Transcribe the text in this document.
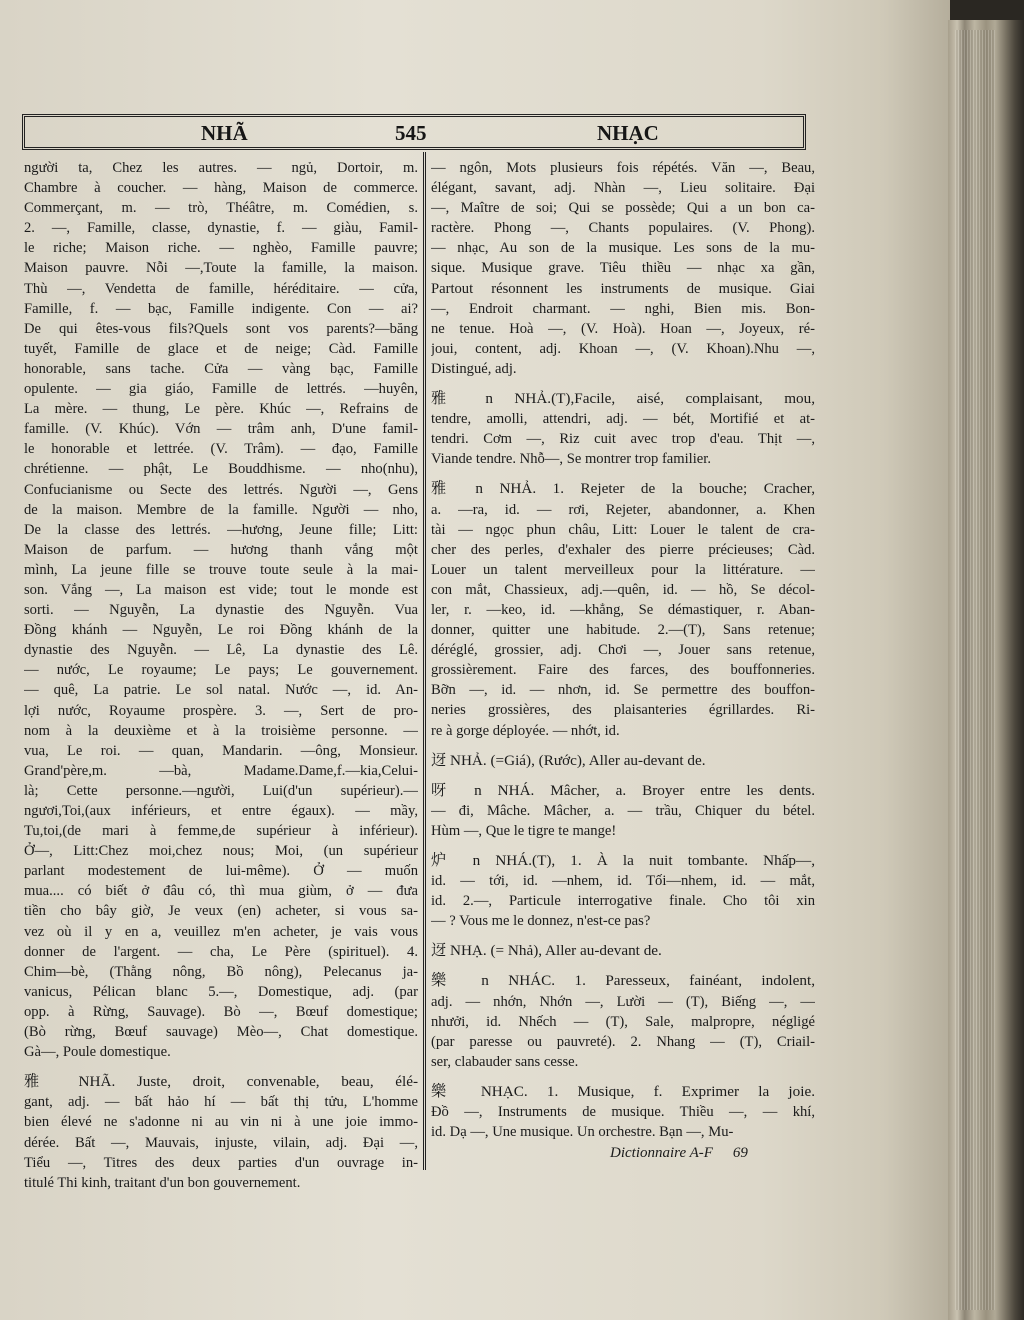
NHÃ	545	NHẠC
người ta, Chez les autres. — ngủ, Dortoir, m.
Chambre à coucher. — hàng, Maison de commerce.
Commerçant, m. — trò, Théâtre, m. Comédien, s.
2. —, Famille, classe, dynastie, f. — giàu, Famil-
le riche; Maison riche. — nghèo, Famille pauvre;
Maison pauvre. Nỗi —,Toute la famille, la maison.
Thù —, Vendetta de famille, héréditaire. — cửa,
Famille, f. — bạc, Famille indigente. Con — ai?
De qui êtes-vous fils?Quels sont vos parents?—băng
tuyết, Famille de glace et de neige; Càd. Famille
honorable, sans tache. Cửa — vàng bạc, Famille
opulente. — gia giáo, Famille de lettrés. —huyên,
La mère. — thung, Le père. Khúc —, Refrains de
famille. (V. Khúc). Vớn — trâm anh, D'une famil-
le honorable et lettrée. (V. Trâm). — đạo, Famille
chrétienne. — phật, Le Bouddhisme. — nho(nhu),
Confucianisme ou Secte des lettrés. Người —, Gens
de la maison. Membre de la famille. Người — nho,
De la classe des lettrés. —hương, Jeune fille; Litt:
Maison de parfum. — hương thanh vắng một
mình, La jeune fille se trouve toute seule à la mai-
son. Vắng —, La maison est vide; tout le monde est
sorti. — Nguyễn, La dynastie des Nguyễn. Vua
Đồng khánh — Nguyễn, Le roi Đồng khánh de la
dynastie des Nguyễn. — Lê, La dynastie des Lê.
— nước, Le royaume; Le pays; Le gouvernement.
— quê, La patrie. Le sol natal. Nước —, id. An-
lợi nước, Royaume prospère. 3. —, Sert de pro-
nom à la deuxième et à la troisième personne. —
vua, Le roi. — quan, Mandarin. —ông, Monsieur.
Grand'père,m. —bà, Madame.Dame,f.—kia,Celui-
là; Cette personne.—người, Lui(d'un supérieur).—
ngươi,Toi,(aux inférieurs, et entre égaux). — mầy,
Tu,toi,(de mari à femme,de supérieur à inférieur).
Ở—, Litt:Chez moi,chez nous; Moi, (un supérieur
parlant modestement de lui-même). Ở — muốn
mua.... có biết ở đâu có, thì mua giùm, ở — đưa
tiền cho bây giờ, Je veux (en) acheter, si vous sa-
vez où il y en a, veuillez m'en acheter, je vais vous
donner de l'argent. — cha, Le Père (spirituel). 4.
Chim—bè, (Thằng nông, Bồ nông), Pelecanus ja-
vanicus, Pélican blanc 5.—, Domestique, adj. (par
opp. à Rừng, Sauvage). Bò —, Bœuf domestique;
(Bò rừng, Bœuf sauvage) Mèo—, Chat domestique.
Gà—, Poule domestique.
雅 NHÃ. Juste, droit, convenable, beau, élé-
gant, adj. — bất hảo hí — bất thị tửu, L'homme
bien élevé ne s'adonne ni au vin ni à une joie immo-
dérée. Bất —, Mauvais, injuste, vilain, adj. Đại —,
Tiểu —, Titres des deux parties d'un ouvrage in-
titulé Thi kinh, traitant d'un bon gouvernement.
— ngôn, Mots plusieurs fois répétés. Văn —, Beau,
élégant, savant, adj. Nhàn —, Lieu solitaire. Đại
—, Maître de soi; Qui se possède; Qui a un bon ca-
ractère. Phong —, Chants populaires. (V. Phong).
— nhạc, Au son de la musique. Les sons de la mu-
sique. Musique grave. Tiêu thiều — nhạc xa gần,
Partout résonnent les instruments de musique. Giai
—, Endroit charmant. — nghi, Bien mis. Bon-
ne tenue. Hoà —, (V. Hoà). Hoan —, Joyeux, ré-
joui, content, adj. Khoan —, (V. Khoan).Nhu —,
Distingué, adj.
雅 n NHẢ.(T),Facile, aisé, complaisant, mou,
tendre, amolli, attendri, adj. — bét, Mortifié et at-
tendri. Cơm —, Riz cuit avec trop d'eau. Thịt —,
Viande tendre. Nhỗ—, Se montrer trop familier.
雅 n NHẢ. 1. Rejeter de la bouche; Cracher,
a. —ra, id. — rơi, Rejeter, abandonner, a. Khen
tài — ngọc phun châu, Litt: Louer le talent de cra-
cher des perles, d'exhaler des pierre précieuses; Càd.
Louer un talent merveilleux pour la littérature. —
con mắt, Chassieux, adj.—quên, id. — hồ, Se décol-
ler, r. —keo, id. —khẳng, Se démastiquer, r. Aban-
donner, quitter une habitude. 2.—(T), Sans retenue;
déréglé, grossier, adj. Chơi —, Jouer sans retenue,
grossièrement. Faire des farces, des bouffonneries.
Bỡn —, id. — nhơn, id. Se permettre des bouffon-
neries grossières, des plaisanteries égrillardes. Ri-
re à gorge déployée. — nhớt, id.
迓 NHẢ. (=Giá), (Rước), Aller au-devant de.
呀 n NHÁ. Mâcher, a. Broyer entre les dents.
— đi, Mâche. Mâcher, a. — trầu, Chiquer du bétel.
Hùm —, Que le tigre te mange!
炉 n NHÁ.(T), 1. À la nuit tombante. Nhấp—,
id. — tới, id. —nhem, id. Tối—nhem, id. — mắt,
id. 2.—, Particule interrogative finale. Cho tôi xin
— ? Vous me le donnez, n'est-ce pas?
迓 NHẠ. (= Nhả), Aller au-devant de.
樂 n NHÁC. 1. Paresseux, fainéant, indolent,
adj. — nhớn, Nhớn —, Lười — (T), Biếng —, —
nhưởi, id. Nhếch — (T), Sale, malpropre, négligé
(par paresse ou pauvreté). 2. Nhang — (T), Criail-
ser, clabauder sans cesse.
樂 NHẠC. 1. Musique, f. Exprimer la joie.
Đồ —, Instruments de musique. Thiều —, — khí,
id. Dạ —, Une musique. Un orchestre. Bạn —, Mu-
Dictionnaire A-F 69
